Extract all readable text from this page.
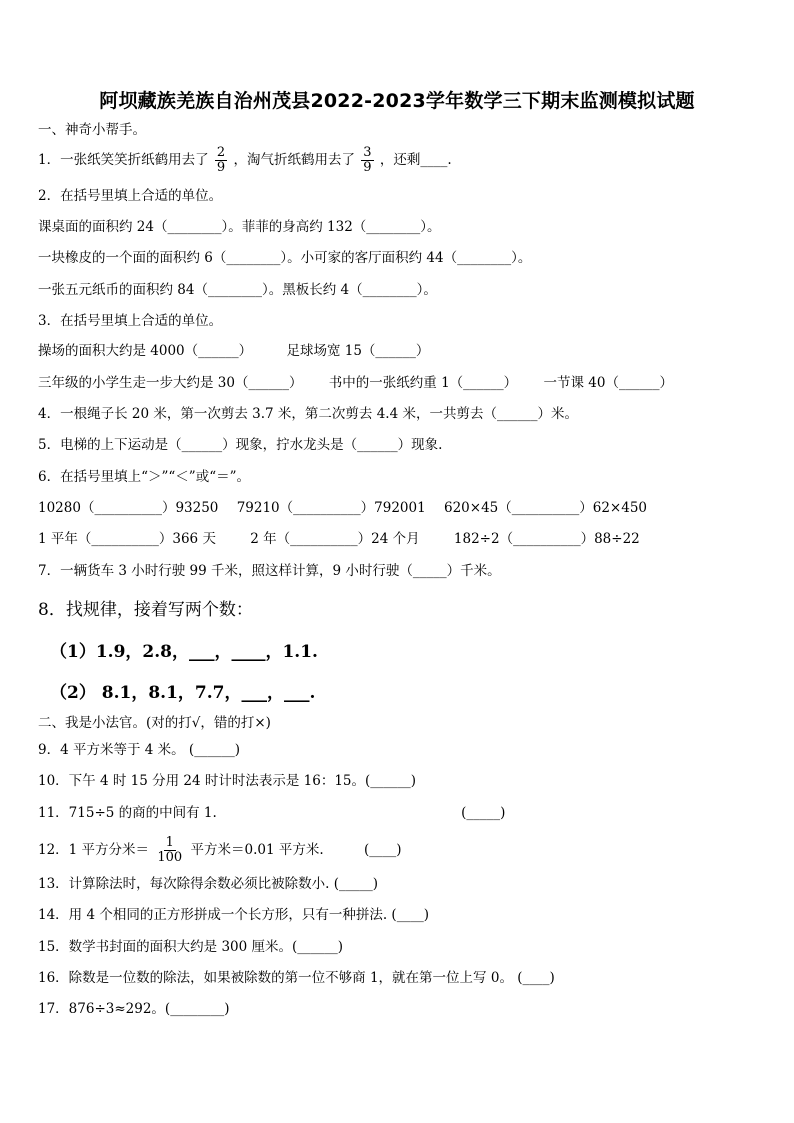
阿坝藏族羌族自治州茂县2022-2023学年数学三下期末监测模拟试题
一、神奇小帮手。
1．一张纸笑笑折纸鹤用去了 $\frac{2}{9}$ ，淘气折纸鹤用去了 $\frac{3}{9}$ ，还剩____.
2．在括号里填上合适的单位。
课桌面的面积约 24（________）。菲菲的身高约 132（________）。
一块橡皮的一个面的面积约 6（________）。小可家的客厅面积约 44（________）。
一张五元纸币的面积约 84（________）。黑板长约 4（________）。
3．在括号里填上合适的单位。
操场的面积大约是 4000（______）	足球场宽 15（______）
三年级的小学生走一步大约是 30（______） 书中的一张纸约重 1（______） 一节课 40（______）
4．一根绳子长 20 米，第一次剪去 3.7 米，第二次剪去 4.4 米，一共剪去（______）米。
5．电梯的上下运动是（______）现象，拧水龙头是（______）现象.
6．在括号里填上“＞”“＜”或“＝”。
10280（__________）93250 79210（__________）792001 620×45（__________）62×450
1 平年（__________）366 天	2 年（__________）24 个月	182÷2（__________）88÷22
7．一辆货车 3 小时行驶 99 千米，照这样计算，9 小时行驶（_____）千米。
8．找规律，接着写两个数：
（1）1.9，2.8，___，____，1.1.
（2） 8.1，8.1，7.7，___，___.
二、我是小法官。(对的打√，错的打×)
9．4 平方米等于 4 米。 (______)
10．下午 4 时 15 分用 24 时计时法表示是 16：15。(______)
11．715÷5 的商的中间有 1.	(_____)
12．1 平方分米＝ $\frac{1}{100}$ 平方米＝0.01 平方米.	(____)
13．计算除法时，每次除得余数必须比被除数小. (_____)
14．用 4 个相同的正方形拼成一个长方形，只有一种拼法. (____)
15．数学书封面的面积大约是 300 厘米。(______)
16．除数是一位数的除法，如果被除数的第一位不够商 1，就在第一位上写 0。 (____)
17．876÷3≈292。(________)
